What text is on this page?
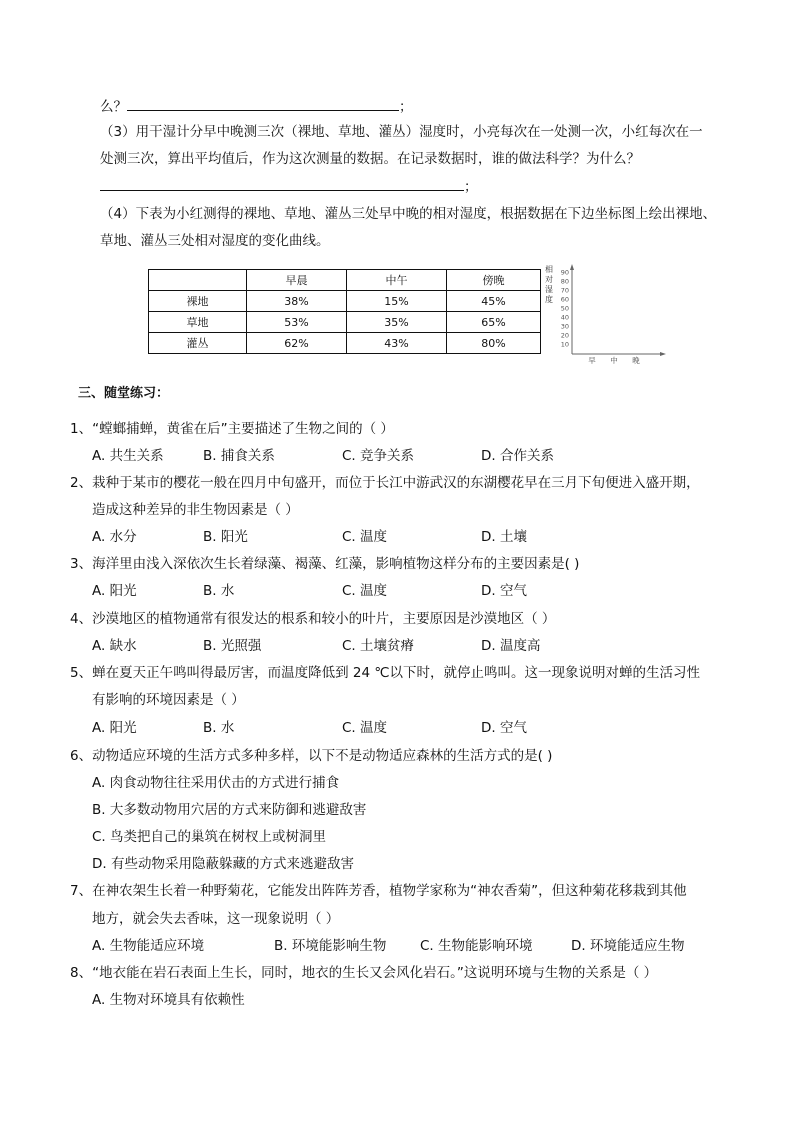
么？	；
（3）用干湿计分早中晚测三次（裸地、草地、灌丛）湿度时，小亮每次在一处测一次，小红每次在一
处测三次，算出平均值后，作为这次测量的数据。在记录数据时，谁的做法科学？为什么？
；
（4）下表为小红测得的裸地、草地、灌丛三处早中晚的相对湿度，根据数据在下边坐标图上绘出裸地、
草地、灌丛三处相对湿度的变化曲线。
	早晨	中午	傍晚
裸地	38%	15%	45%
草地	53%	35%	65%
灌丛	62%	43%	80%
相
对
湿
度
90
80
70
60
50
40
30
20
10
早 中 晚
三、随堂练习：
1、“螳螂捕蝉，黄雀在后”主要描述了生物之间的（ ）
A. 共生关系	B. 捕食关系	C. 竞争关系	D. 合作关系
2、栽种于某市的樱花一般在四月中旬盛开，而位于长江中游武汉的东湖樱花早在三月下旬便进入盛开期，
造成这种差异的非生物因素是（ ）
A. 水分	B. 阳光	C. 温度	D. 土壤
3、海洋里由浅入深依次生长着绿藻、褐藻、红藻，影响植物这样分布的主要因素是( )
A. 阳光	B. 水	C. 温度	D. 空气
4、沙漠地区的植物通常有很发达的根系和较小的叶片，主要原因是沙漠地区（ ）
A. 缺水	B. 光照强	C. 土壤贫瘠	D. 温度高
5、蝉在夏天正午鸣叫得最厉害，而温度降低到 24 ℃以下时，就停止鸣叫。这一现象说明对蝉的生活习性
有影响的环境因素是（ ）
A. 阳光	B. 水	C. 温度	D. 空气
6、动物适应环境的生活方式多种多样，以下不是动物适应森林的生活方式的是( )
A. 肉食动物往往采用伏击的方式进行捕食
B. 大多数动物用穴居的方式来防御和逃避敌害
C. 鸟类把自己的巢筑在树杈上或树洞里
D. 有些动物采用隐蔽躲藏的方式来逃避敌害
7、在神农架生长着一种野菊花，它能发出阵阵芳香，植物学家称为“神农香菊”，但这种菊花移栽到其他
地方，就会失去香味，这一现象说明（ ）
A. 生物能适应环境	B. 环境能影响生物 C. 生物能影响环境	D. 环境能适应生物
8、“地衣能在岩石表面上生长，同时，地衣的生长又会风化岩石。”这说明环境与生物的关系是（ ）
A. 生物对环境具有依赖性
